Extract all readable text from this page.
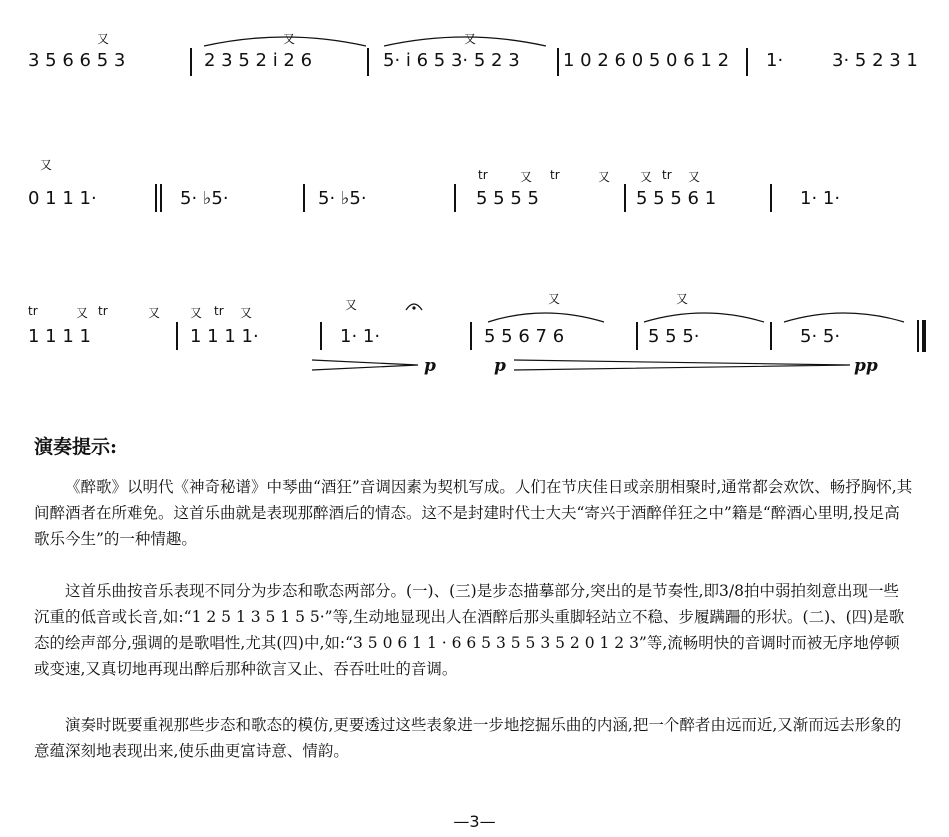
又	又	又
3 5 6 6 5 3	2 3 5 2 i 2 6	5· i 6 5 3· 5 2 3 1 0 2 6 0 5 0 6 1 2 1·	3· 5 2 3 1
又
tr	又 tr	又 又 tr 又
0 1 1 1·	5· ♭5·	5· ♭5·	5 5 5 5	5 5 5 6 1	1· 1·
tr	又 tr	又 又 tr 又
又	又	又
1 1 1 1	1 1 1 1·	1· 1·	5 5 6 7 6	5 5 5·	5· 5·
p	p	pp
演奏提示:
《醉歌》以明代《神奇秘谱》中琴曲“酒狂”音调因素为契机写成。人们在节庆佳日或亲朋相聚时,通常都会欢饮、畅抒胸怀,其间醉酒者在所难免。这首乐曲就是表现那醉酒后的情态。这不是封建时代士大夫“寄兴于酒醉佯狂之中”籍是“醉酒心里明,投足高歌乐今生”的一种情趣。
这首乐曲按音乐表现不同分为步态和歌态两部分。(一)、(三)是步态描摹部分,突出的是节奏性,即3/8拍中弱拍刻意出现一些沉重的低音或长音,如:“1 2 5 1 3 5 1 5 5·”等,生动地显现出人在酒醉后那头重脚轻站立不稳、步履蹒跚的形状。(二)、(四)是歌态的绘声部分,强调的是歌唱性,尤其(四)中,如:“3 5 0 6 1 1 · 6 6 5 3 5 5 3 5 2 0 1 2 3”等,流畅明快的音调时而被无序地停顿或变速,又真切地再现出醉后那种欲言又止、吞吞吐吐的音调。
演奏时既要重视那些步态和歌态的模仿,更要透过这些表象进一步地挖掘乐曲的内涵,把一个醉者由远而近,又渐而远去形象的意蕴深刻地表现出来,使乐曲更富诗意、情韵。
—3—
